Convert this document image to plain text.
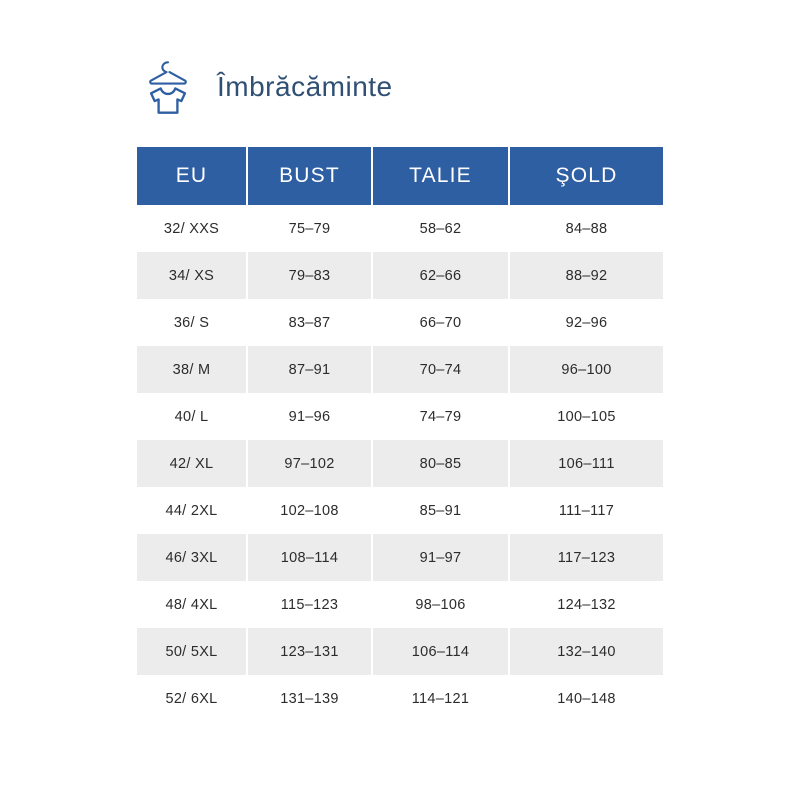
Îmbrăcăminte
EU	BUST	TALIE	ŞOLD
32/ XXS	75–79	58–62	84–88
34/ XS	79–83	62–66	88–92
36/ S	83–87	66–70	92–96
38/ M	87–91	70–74	96–100
40/ L	91–96	74–79	100–105
42/ XL	97–102	80–85	106–111
44/ 2XL	102–108	85–91	111–117
46/ 3XL	108–114	91–97	117–123
48/ 4XL	115–123	98–106	124–132
50/ 5XL	123–131	106–114	132–140
52/ 6XL	131–139	114–121	140–148
